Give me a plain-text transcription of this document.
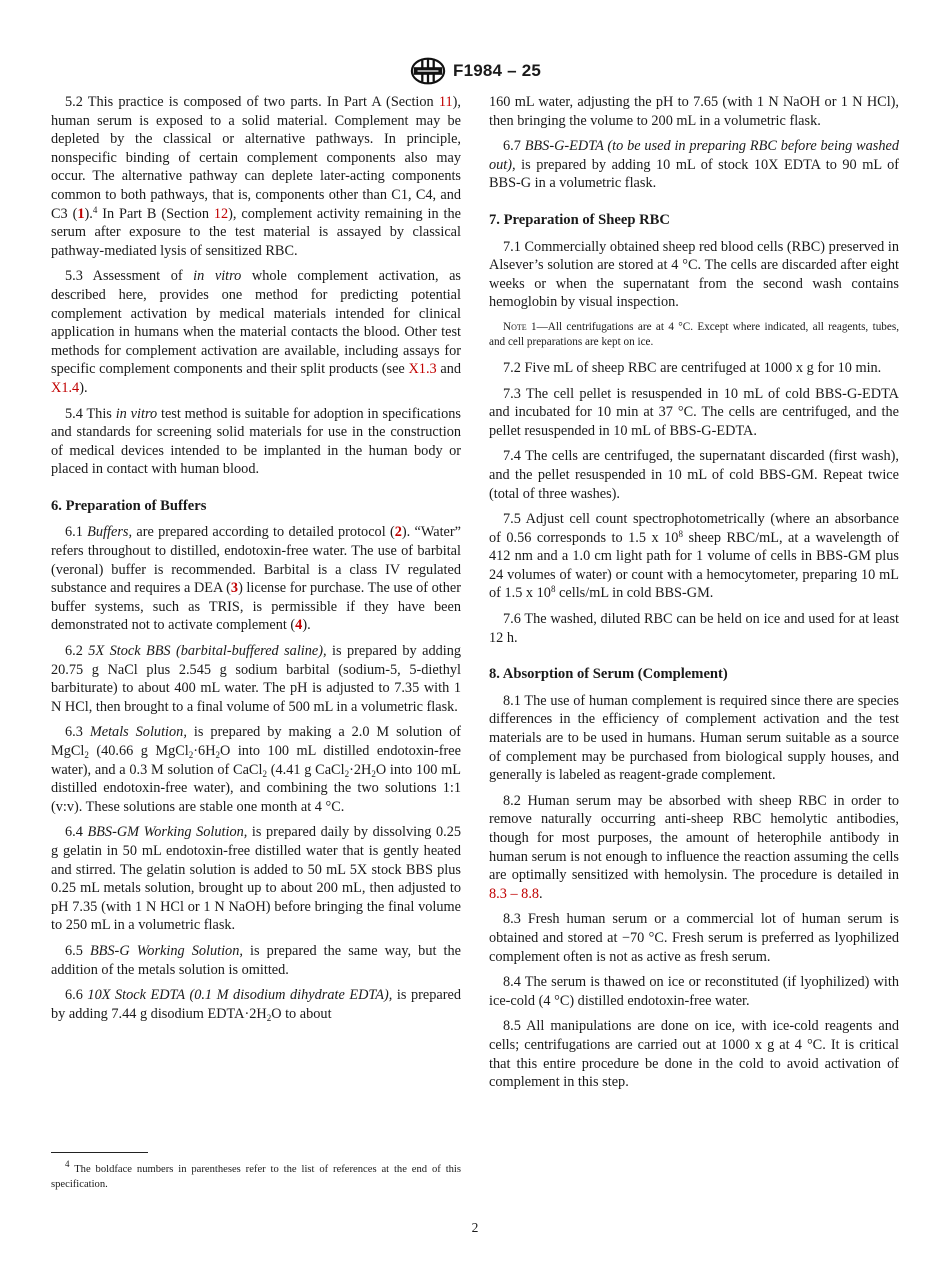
F1984 – 25

5.2 This practice is composed of two parts. In Part A (Section 11), human serum is exposed to a solid material. Complement may be depleted by the classical or alternative pathways. In principle, nonspecific binding of certain complement components also may occur. The alternative pathway can deplete later-acting components common to both pathways, that is, components other than C1, C4, and C3 (1).$^4$ In Part B (Section 12), complement activity remaining in the serum after exposure to the test material is assayed by classical pathway-mediated lysis of sensitized RBC.

5.3 Assessment of in vitro whole complement activation, as described here, provides one method for predicting potential complement activation by medical materials intended for clinical application in humans when the material contacts the blood. Other test methods for complement activation are available, including assays for specific complement components and their split products (see X1.3 and X1.4).

5.4 This in vitro test method is suitable for adoption in specifications and standards for screening solid materials for use in the construction of medical devices intended to be implanted in the human body or placed in contact with human blood.

6. Preparation of Buffers

6.1 Buffers, are prepared according to detailed protocol (2). “Water” refers throughout to distilled, endotoxin-free water. The use of barbital (veronal) buffer is recommended. Barbital is a class IV regulated substance and requires a DEA (3) license for purchase. The use of other buffer systems, such as TRIS, is permissible if they have been demonstrated not to activate complement (4).

6.2 5X Stock BBS (barbital-buffered saline), is prepared by adding 20.75 g NaCl plus 2.545 g sodium barbital (sodium-5, 5-diethyl barbiturate) to about 400 mL water. The pH is adjusted to 7.35 with 1 N HCl, then brought to a final volume of 500 mL in a volumetric flask.

6.3 Metals Solution, is prepared by making a 2.0 M solution of MgCl$_2$ (40.66 g $MgCl_2\cdot 6H_2O$ into 100 mL distilled endotoxin-free water), and a 0.3 M solution of CaCl$_2$ (4.41 g $CaCl_2\cdot 2H_2O$ into 100 mL distilled endotoxin-free water), and combining the two solutions 1:1 (v:v). These solutions are stable one month at 4 °C.

6.4 BBS-GM Working Solution, is prepared daily by dissolving 0.25 g gelatin in 50 mL endotoxin-free distilled water that is gently heated and stirred. The gelatin solution is added to 50 mL 5X stock BBS plus 0.25 mL metals solution, brought up to about 200 mL, then adjusted to pH 7.35 (with 1 N HCl or 1 N NaOH) before bringing the final volume to 250 mL in a volumetric flask.

6.5 BBS-G Working Solution, is prepared the same way, but the addition of the metals solution is omitted.

6.6 10X Stock EDTA (0.1 M disodium dihydrate EDTA), is prepared by adding 7.44 g disodium $EDTA\cdot 2H_2O$ to about

$^4$ The boldface numbers in parentheses refer to the list of references at the end of this specification.

160 mL water, adjusting the pH to 7.65 (with 1 N NaOH or 1 N HCl), then bringing the volume to 200 mL in a volumetric flask.

6.7 BBS-G-EDTA (to be used in preparing RBC before being washed out), is prepared by adding 10 mL of stock 10X EDTA to 90 mL of BBS-G in a volumetric flask.

7. Preparation of Sheep RBC

7.1 Commercially obtained sheep red blood cells (RBC) preserved in Alsever’s solution are stored at 4 °C. The cells are discarded after eight weeks or when the supernatant from the second wash contains hemoglobin by visual inspection.

Note 1—All centrifugations are at 4 °C. Except where indicated, all reagents, tubes, and cell preparations are kept on ice.

7.2 Five mL of sheep RBC are centrifuged at 1000 x g for 10 min.

7.3 The cell pellet is resuspended in 10 mL of cold BBS-G-EDTA and incubated for 10 min at 37 °C. The cells are centrifuged, and the pellet resuspended in 10 mL of BBS-G-EDTA.

7.4 The cells are centrifuged, the supernatant discarded (first wash), and the pellet resuspended in 10 mL of cold BBS-GM. Repeat twice (total of three washes).

7.5 Adjust cell count spectrophotometrically (where an absorbance of 0.56 corresponds to 1.5 x $10^8$ sheep RBC/mL, at a wavelength of 412 nm and a 1.0 cm light path for 1 volume of cells in BBS-GM plus 24 volumes of water) or count with a hemocytometer, preparing 10 mL of 1.5 x $10^8$ cells/mL in cold BBS-GM.

7.6 The washed, diluted RBC can be held on ice and used for at least 12 h.

8. Absorption of Serum (Complement)

8.1 The use of human complement is required since there are species differences in the efficiency of complement activation and the test materials are to be used in humans. Human serum suitable as a source of complement may be purchased from biological supply houses, and generally is labeled as reagent-grade complement.

8.2 Human serum may be absorbed with sheep RBC in order to remove naturally occurring anti-sheep RBC hemolytic antibodies, though for most purposes, the amount of heterophile antibody in human serum is not enough to influence the reaction assuming the cells are optimally sensitized with hemolysin. The procedure is detailed in 8.3 – 8.8.

8.3 Fresh human serum or a commercial lot of human serum is obtained and stored at −70 °C. Fresh serum is preferred as lyophilized complement often is not as active as fresh serum.

8.4 The serum is thawed on ice or reconstituted (if lyophilized) with ice-cold (4 °C) distilled endotoxin-free water.

8.5 All manipulations are done on ice, with ice-cold reagents and cells; centrifugations are carried out at 1000 x g at 4 °C. It is critical that this entire procedure be done in the cold to avoid activation of complement in this step.

2
